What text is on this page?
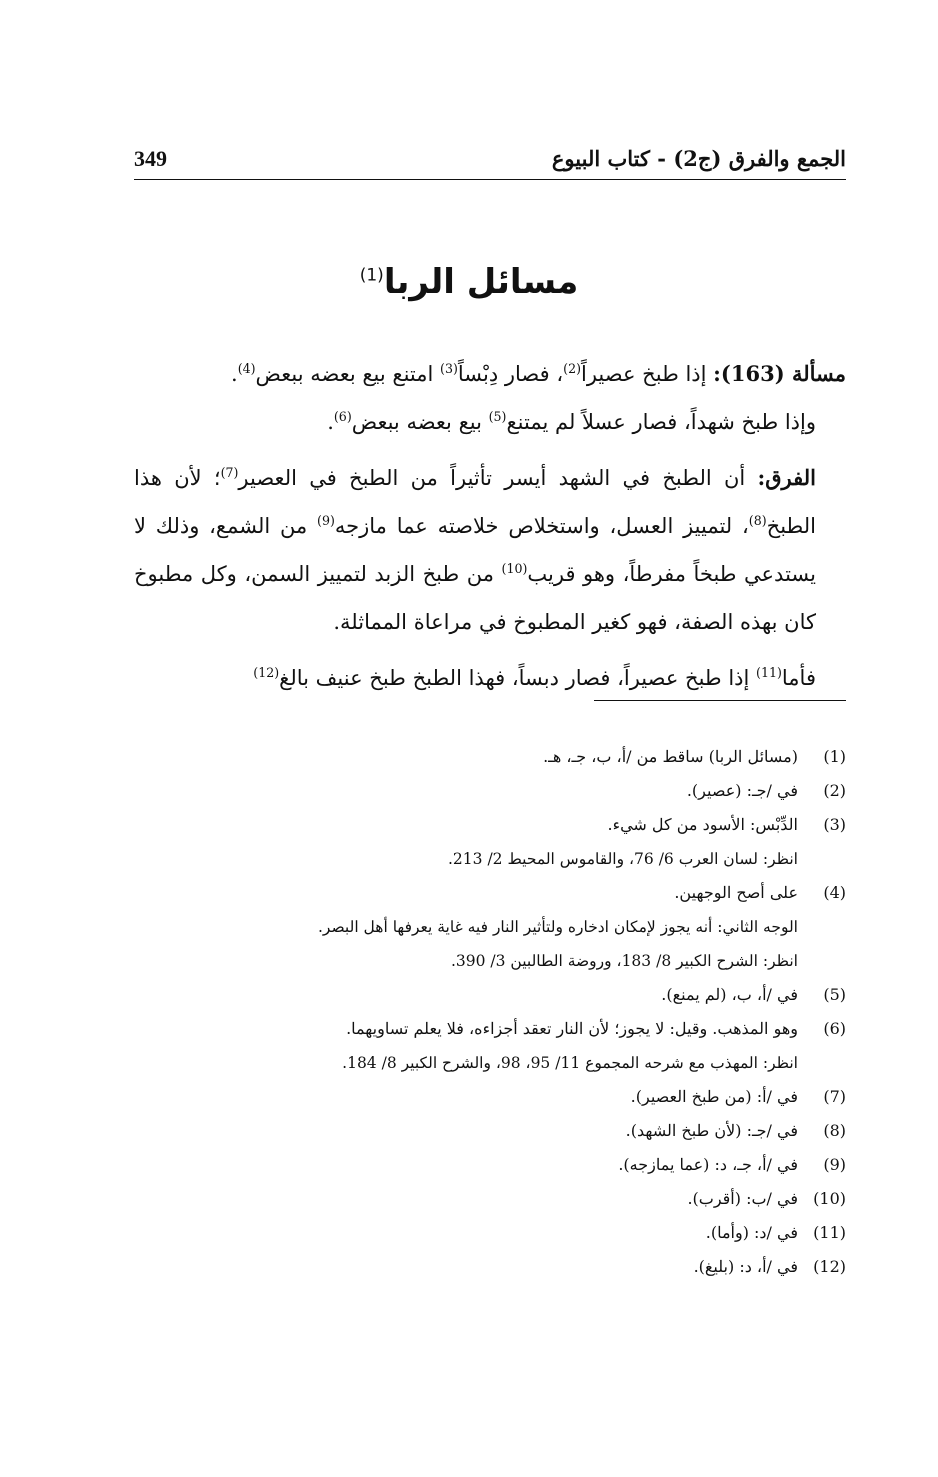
الجمع والفرق (ج2) - كتاب البيوع
349
مسائل الربا$^{(1)}$

مسألة (163): إذا طبخ عصيراً$^{(2)}$، فصار دِبْساً$^{(3)}$ امتنع بيع بعضه ببعض$^{(4)}$.

وإذا طبخ شهداً، فصار عسلاً لم يمتنع$^{(5)}$ بيع بعضه ببعض$^{(6)}$.

الفرق: أن الطبخ في الشهد أيسر تأثيراً من الطبخ في العصير$^{(7)}$؛ لأن هذا الطبخ$^{(8)}$، لتمييز العسل، واستخلاص خلاصته عما مازجه$^{(9)}$ من الشمع، وذلك لا يستدعي طبخاً مفرطاً، وهو قريب$^{(10)}$ من طبخ الزبد لتمييز السمن، وكل مطبوخ كان بهذه الصفة، فهو كغير المطبوخ في مراعاة المماثلة.

فأما$^{(11)}$ إذا طبخ عصيراً، فصار دبساً، فهذا الطبخ طبخ عنيف بالغ$^{(12)}$

(1)
(مسائل الربا) ساقط من /أ، ب، جـ، هـ.
(2)
في /جـ: (عصير).
(3)
الدِّبْس: الأسود من كل شيء.
انظر: لسان العرب 6/ 76، والقاموس المحيط 2/ 213.
(4)
على أصح الوجهين.
الوجه الثاني: أنه يجوز لإمكان ادخاره ولتأثير النار فيه غاية يعرفها أهل البصر.
انظر: الشرح الكبير 8/ 183، وروضة الطالبين 3/ 390.
(5)
في /أ، ب، (لم يمنع).
(6)
وهو المذهب. وقيل: لا يجوز؛ لأن النار تعقد أجزاءه، فلا يعلم تساويهما.
انظر: المهذب مع شرحه المجموع 11/ 95، 98، والشرح الكبير 8/ 184.
(7)
في /أ: (من طبخ العصير).
(8)
في /جـ: (لأن طبخ الشهد).
(9)
في /أ، جـ، د: (عما يمازجه).
(10)
في /ب: (أقرب).
(11)
في /د: (وأما).
(12)
في /أ، د: (بليغ).
